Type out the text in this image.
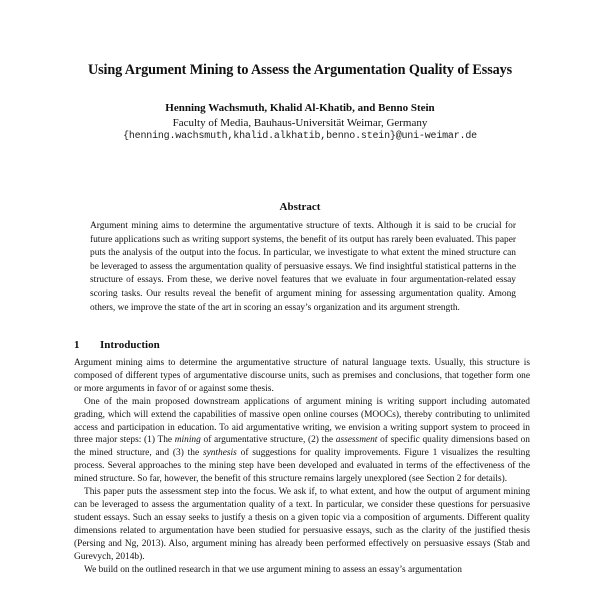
Using Argument Mining to Assess the Argumentation Quality of Essays
Henning Wachsmuth, Khalid Al-Khatib, and Benno Stein
Faculty of Media, Bauhaus-Universität Weimar, Germany
{henning.wachsmuth,khalid.alkhatib,benno.stein}@uni-weimar.de
Abstract

Argument mining aims to determine the argumentative structure of texts. Although it is said to be crucial for future applications such as writing support systems, the benefit of its output has rarely been evaluated. This paper puts the analysis of the output into the focus. In particular, we investigate to what extent the mined structure can be leveraged to assess the argumentation quality of persuasive essays. We find insightful statistical patterns in the structure of essays. From these, we derive novel features that we evaluate in four argumentation-related essay scoring tasks. Our results reveal the benefit of argument mining for assessing argumentation quality. Among others, we improve the state of the art in scoring an essay’s organization and its argument strength.

1 Introduction

Argument mining aims to determine the argumentative structure of natural language texts. Usually, this structure is composed of different types of argumentative discourse units, such as premises and conclusions, that together form one or more arguments in favor of or against some thesis.

One of the main proposed downstream applications of argument mining is writing support including automated grading, which will extend the capabilities of massive open online courses (MOOCs), thereby contributing to unlimited access and participation in education. To aid argumentative writing, we envision a writing support system to proceed in three major steps: (1) The mining of argumentative structure, (2) the assessment of specific quality dimensions based on the mined structure, and (3) the synthesis of suggestions for quality improvements. Figure 1 visualizes the resulting process. Several approaches to the mining step have been developed and evaluated in terms of the effectiveness of the mined structure. So far, however, the benefit of this structure remains largely unexplored (see Section 2 for details).

This paper puts the assessment step into the focus. We ask if, to what extent, and how the output of argument mining can be leveraged to assess the argumentation quality of a text. In particular, we consider these questions for persuasive student essays. Such an essay seeks to justify a thesis on a given topic via a composition of arguments. Different quality dimensions related to argumentation have been studied for persuasive essays, such as the clarity of the justified thesis (Persing and Ng, 2013). Also, argument mining has already been performed effectively on persuasive essays (Stab and Gurevych, 2014b).

We build on the outlined research in that we use argument mining to assess an essay’s argumentation
